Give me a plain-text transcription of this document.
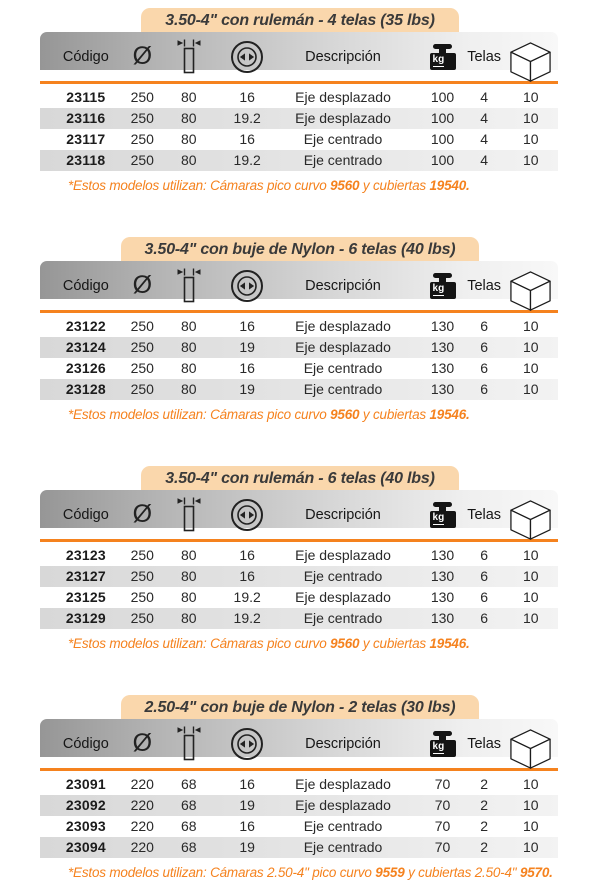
3.50-4" con rulemán - 4 telas (35 lbs)
Código	Ø			Descripción	kg	Telas	
23115	250	80	16	Eje desplazado	100	4	10
23116	250	80	19.2	Eje desplazado	100	4	10
23117	250	80	16	Eje centrado	100	4	10
23118	250	80	19.2	Eje centrado	100	4	10
*Estos modelos utilizan: Cámaras pico curvo 9560 y cubiertas 19540.
3.50-4" con buje de Nylon - 6 telas (40 lbs)
Código	Ø			Descripción	kg	Telas	
23122	250	80	16	Eje desplazado	130	6	10
23124	250	80	19	Eje desplazado	130	6	10
23126	250	80	16	Eje centrado	130	6	10
23128	250	80	19	Eje centrado	130	6	10
*Estos modelos utilizan: Cámaras pico curvo 9560 y cubiertas 19546.
3.50-4" con rulemán - 6 telas (40 lbs)
Código	Ø			Descripción	kg	Telas	
23123	250	80	16	Eje desplazado	130	6	10
23127	250	80	16	Eje centrado	130	6	10
23125	250	80	19.2	Eje desplazado	130	6	10
23129	250	80	19.2	Eje centrado	130	6	10
*Estos modelos utilizan: Cámaras pico curvo 9560 y cubiertas 19546.
2.50-4" con buje de Nylon - 2 telas (30 lbs)
Código	Ø			Descripción	kg	Telas	
23091	220	68	16	Eje desplazado	70	2	10
23092	220	68	19	Eje desplazado	70	2	10
23093	220	68	16	Eje centrado	70	2	10
23094	220	68	19	Eje centrado	70	2	10
*Estos modelos utilizan: Cámaras 2.50-4" pico curvo 9559 y cubiertas 2.50-4" 9570.
